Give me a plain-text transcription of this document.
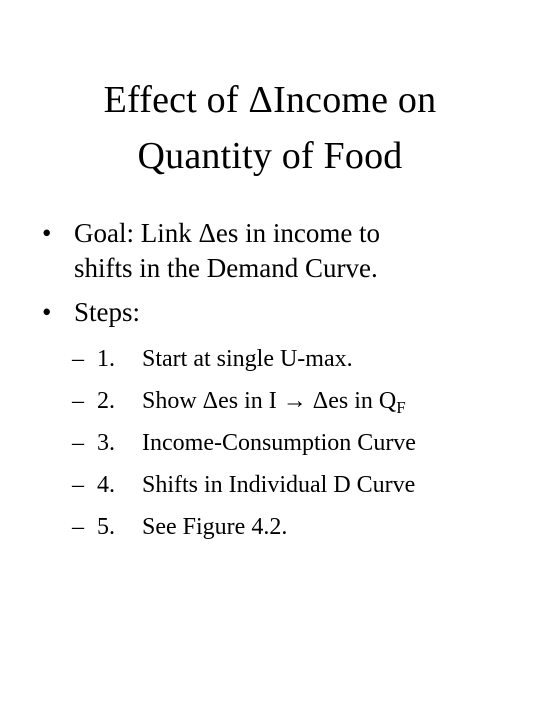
Effect of ΔIncome on
Quantity of Food
• Goal: Link Δes in income to
shifts in the Demand Curve.
• Steps:
– 1. Start at single U-max.
– 2. Show Δes in I → Δes in $Q_F$
– 3. Income-Consumption Curve
– 4. Shifts in Individual D Curve
– 5. See Figure 4.2.
